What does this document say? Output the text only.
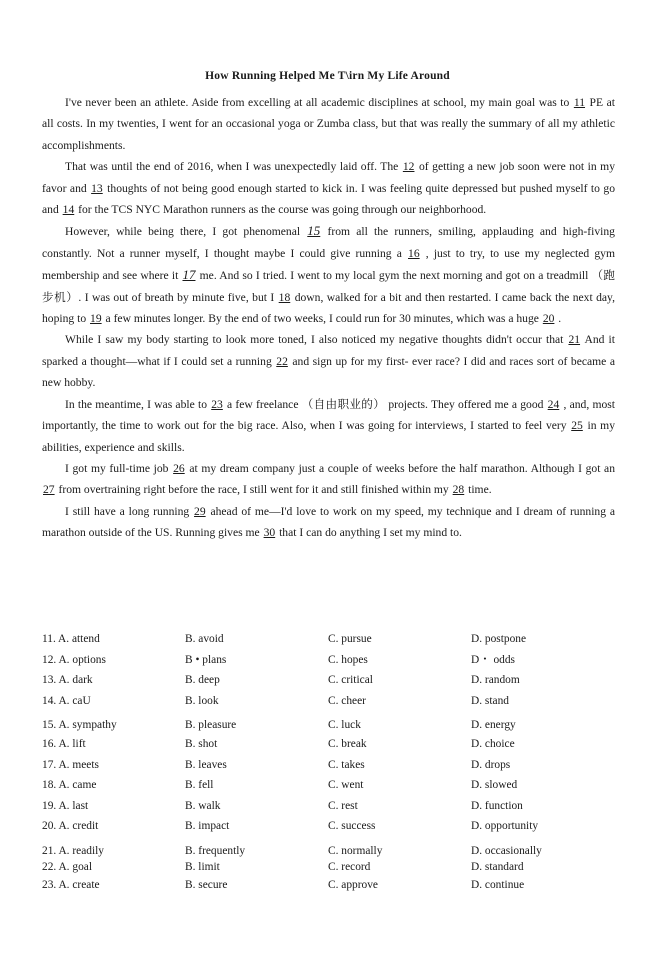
How Running Helped Me T\irn My Life Around

I've never been an athlete. Aside from excelling at all academic disciplines at school, my main goal was to 11 PE at all costs. In my twenties, I went for an occasional yoga or Zumba class, but that was really the summary of all my athletic accomplishments.

That was until the end of 2016, when I was unexpectedly laid off. The 12 of getting a new job soon were not in my favor and 13 thoughts of not being good enough started to kick in. I was feeling quite depressed but pushed myself to go and 14 for the TCS NYC Marathon runners as the course was going through our neighborhood.

However, while being there, I got phenomenal 15 from all the runners, smiling, applauding and high-fiving constantly. Not a runner myself, I thought maybe I could give running a 16 , just to try, to use my neglected gym membership and see where it 17 me. And so I tried. I went to my local gym the next morning and got on a treadmill （跑步机）. I was out of breath by minute five, but I 18 down, walked for a bit and then restarted. I came back the next day, hoping to 19 a few minutes longer. By the end of two weeks, I could run for 30 minutes, which was a huge 20 .

While I saw my body starting to look more toned, I also noticed my negative thoughts didn't occur that 21 And it sparked a thought—what if I could set a running 22 and sign up for my first- ever race? I did and races sort of became a new hobby.

In the meantime, I was able to 23 a few freelance （自由职业的） projects. They offered me a good 24 , and, most importantly, the time to work out for the big race. Also, when I was going for interviews, I started to feel very 25 in my abilities, experience and skills.

I got my full-time job 26 at my dream company just a couple of weeks before the half marathon. Although I got an 27 from overtraining right before the race, I still went for it and still finished within my 28 time.

I still have a long running 29 ahead of me—I'd love to work on my speed, my technique and I dream of running a marathon outside of the US. Running gives me 30 that I can do anything I set my mind to.

11. A. attend	B. avoid	C. pursue	D. postpone
12. A. options	B • plans	C. hopes	D・ odds
13. A. dark	B. deep	C. critical	D. random
14. A. caU	B. look	C. cheer	D. stand
15. A. sympathy	B. pleasure	C. luck	D. energy
16. A. lift	B. shot	C. break	D. choice
17. A. meets	B. leaves	C. takes	D. drops
18. A. came	B. fell	C. went	D. slowed
19. A. last	B. walk	C. rest	D. function
20. A. credit	B. impact	C. success	D. opportunity
21. A. readily	B. frequently	C. normally	D. occasionally
22. A. goal	B. limit	C. record	D. standard
23. A. create	B. secure	C. approve	D. continue
